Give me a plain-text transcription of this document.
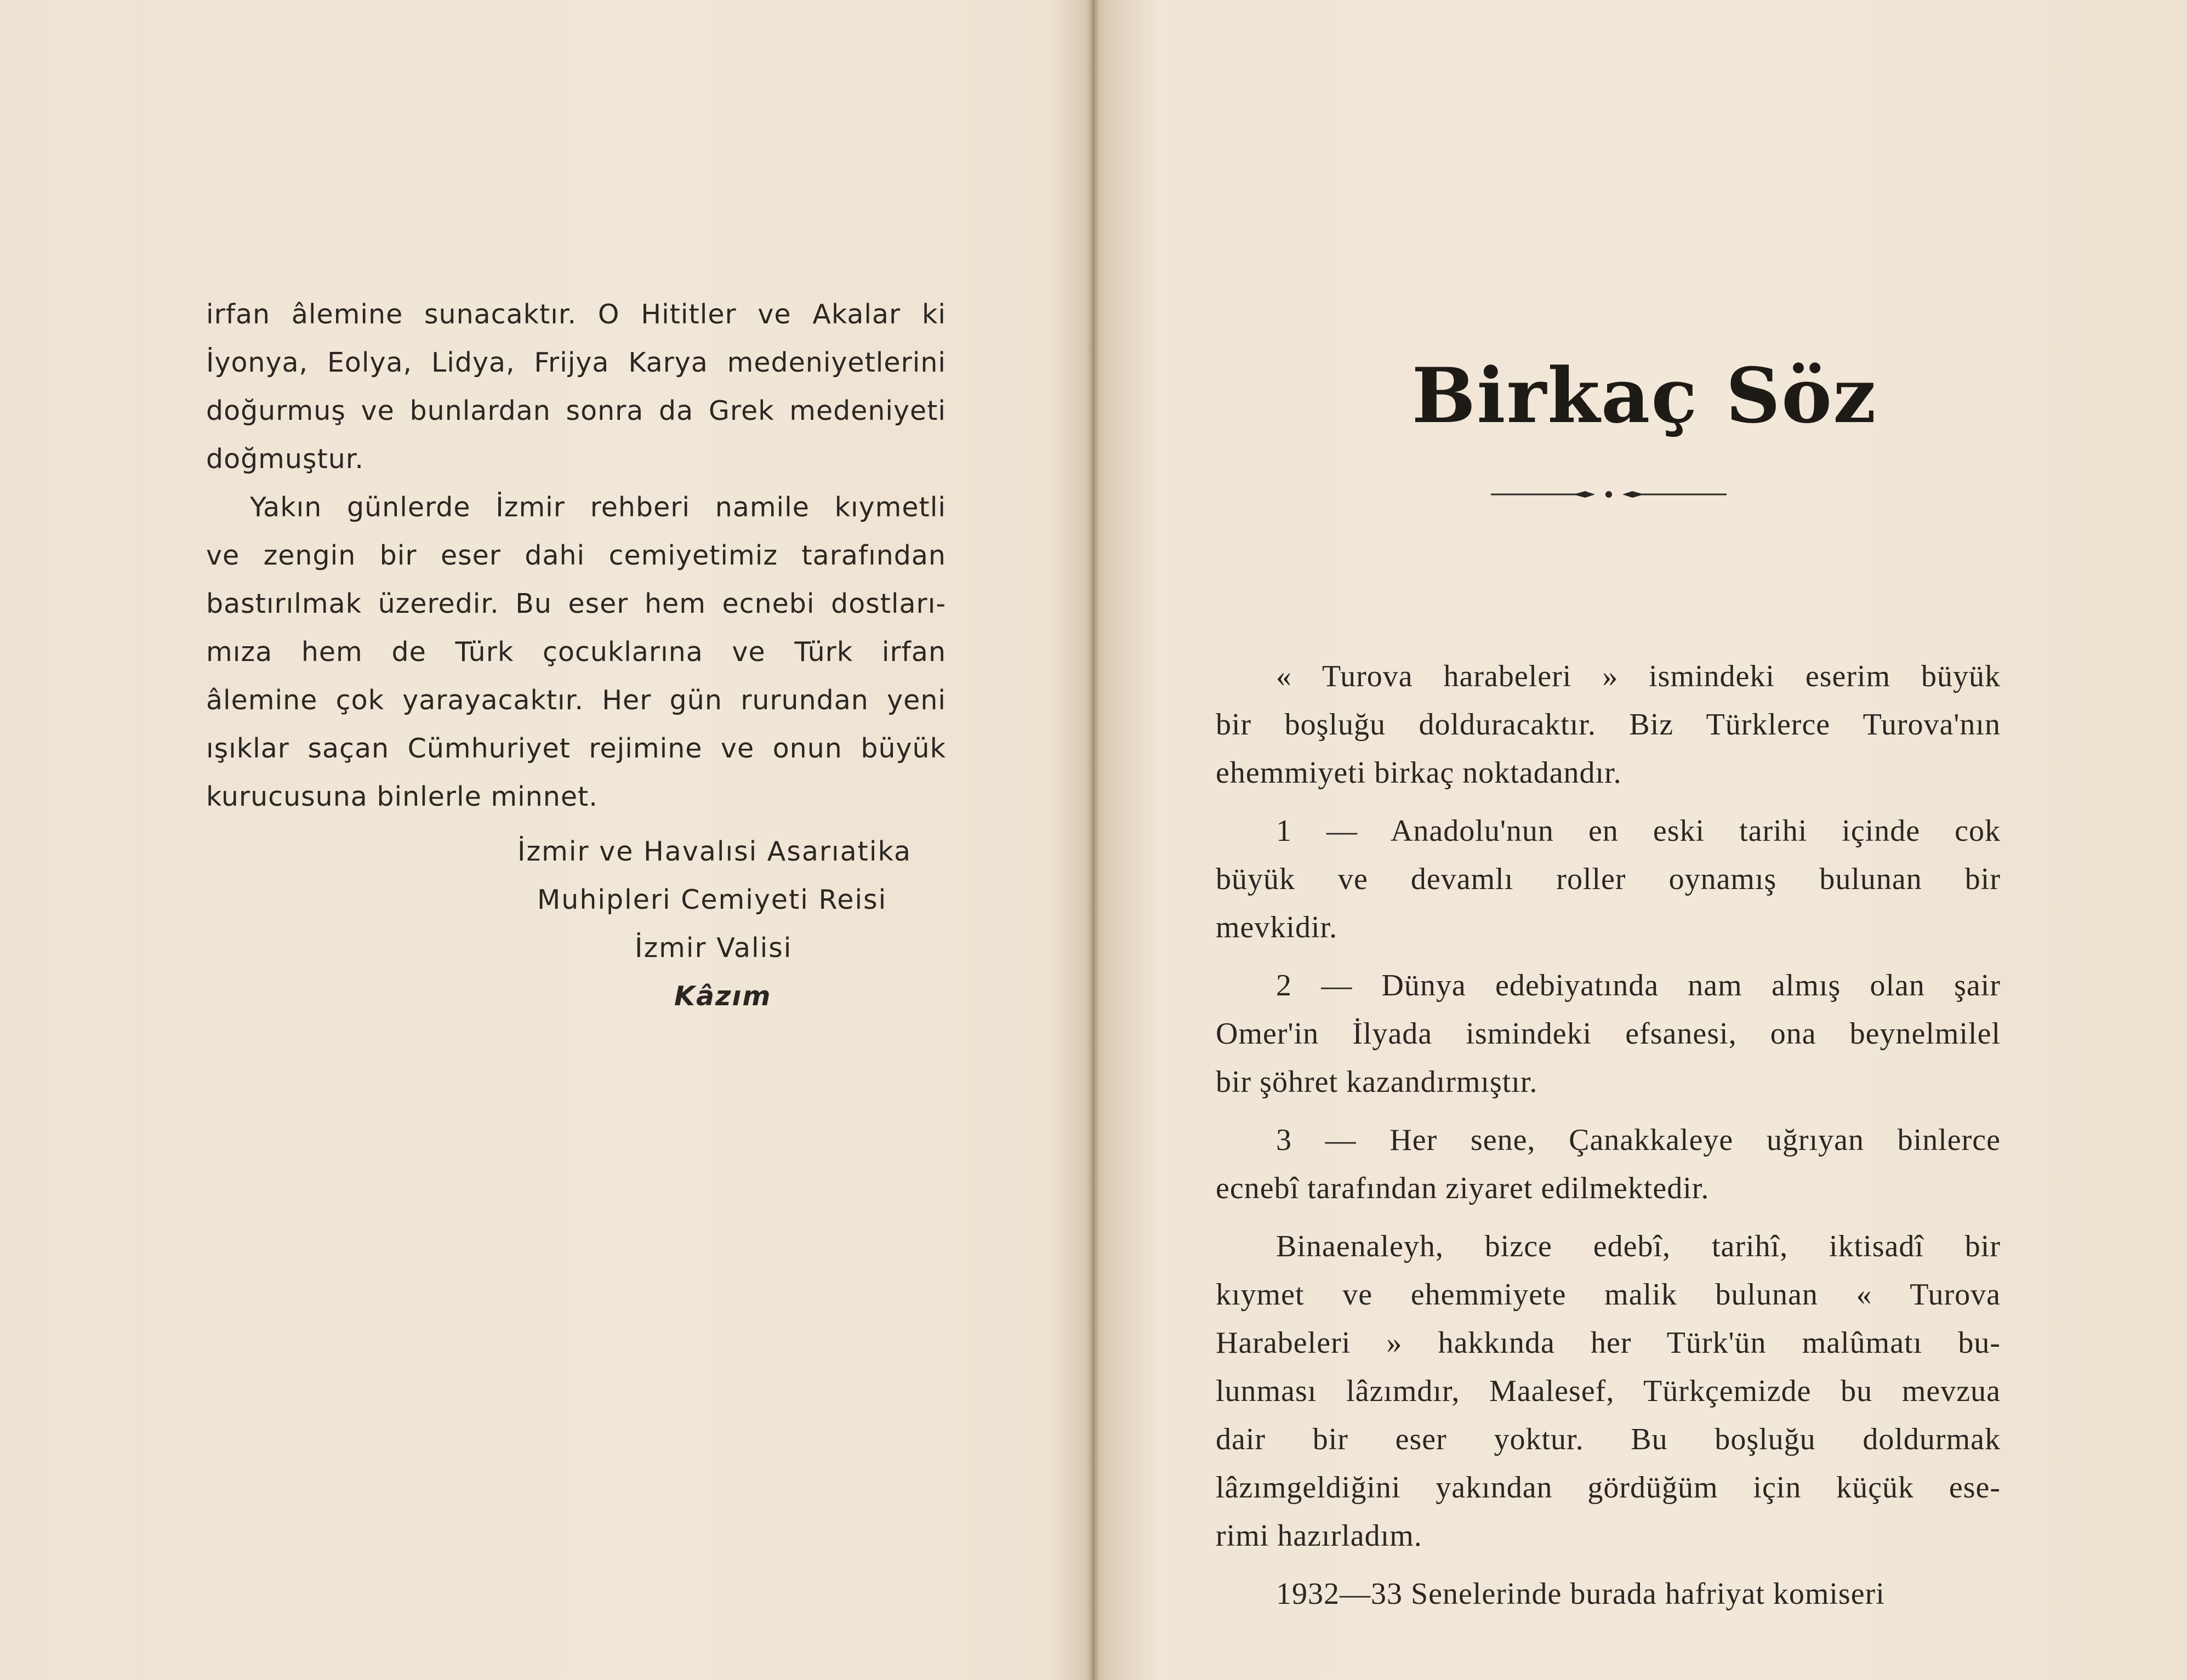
irfan âlemine sunacaktır. O Hititler ve Akalar ki

İyonya, Eolya, Lidya, Frijya Karya medeniyetlerini

doğurmuş ve bunlardan sonra da Grek medeniyeti

doğmuştur.

Yakın günlerde İzmir rehberi namile kıymetli

ve zengin bir eser dahi cemiyetimiz tarafından

bastırılmak üzeredir. Bu eser hem ecnebi dostları-

mıza hem de Türk çocuklarına ve Türk irfan

âlemine çok yarayacaktır. Her gün rurundan yeni

ışıklar saçan Cümhuriyet rejimine ve onun büyük

kurucusuna binlerle minnet.

İzmir ve Havalısi Asarıatika
Muhipleri Cemiyeti Reisi
İzmir Valisi
Kâzım
Birkaç Söz

« Turova harabeleri » ismindeki eserim büyük

bir boşluğu dolduracaktır. Biz Türklerce Turova'nın

ehemmiyeti birkaç noktadandır.

1 — Anadolu'nun en eski tarihi içinde cok

büyük ve devamlı roller oynamış bulunan bir

mevkidir.

2 — Dünya edebiyatında nam almış olan şair

Omer'in İlyada ismindeki efsanesi, ona beynelmilel

bir şöhret kazandırmıştır.

3 — Her sene, Çanakkaleye uğrıyan binlerce

ecnebî tarafından ziyaret edilmektedir.

Binaenaleyh, bizce edebî, tarihî, iktisadî bir

kıymet ve ehemmiyete malik bulunan « Turova

Harabeleri » hakkında her Türk'ün malûmatı bu-

lunması lâzımdır, Maalesef, Türkçemizde bu mevzua

dair bir eser yoktur. Bu boşluğu doldurmak

lâzımgeldiğini yakından gördüğüm için küçük ese-

rimi hazırladım.

1932—33 Senelerinde burada hafriyat komiseri
